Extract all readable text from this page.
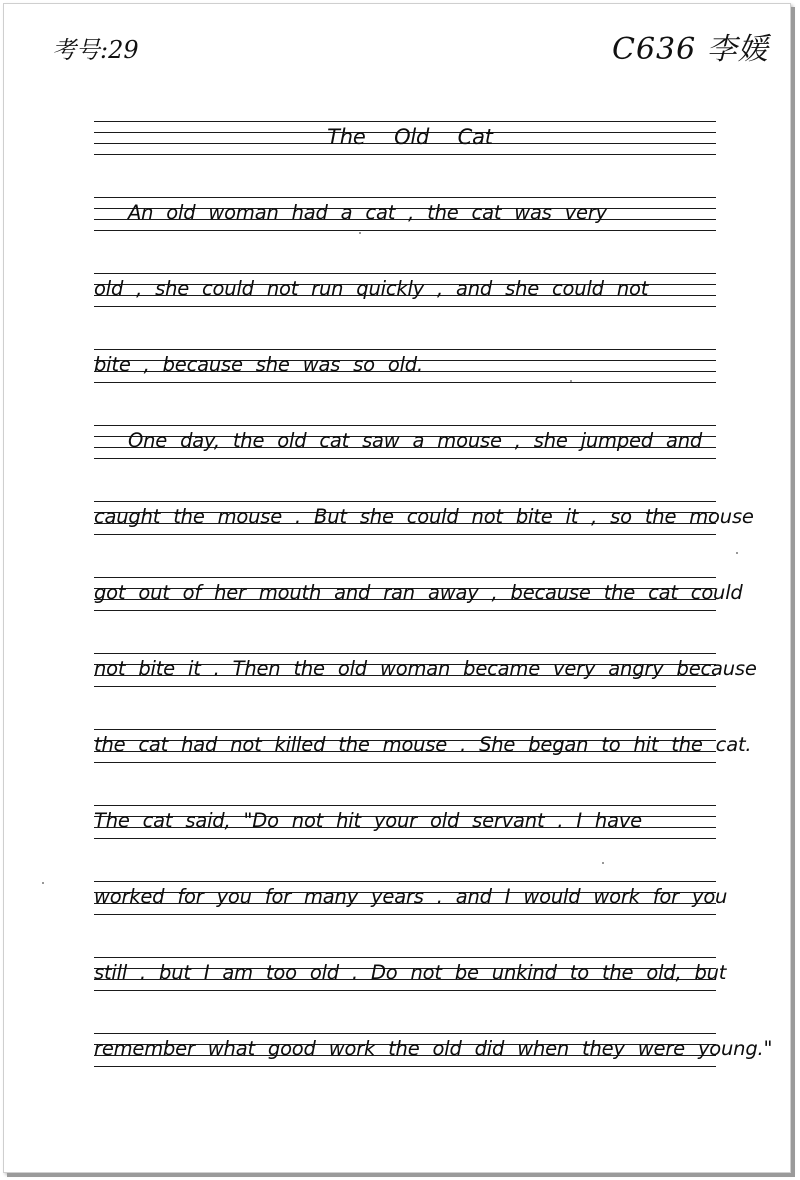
考号:29	C636 李媛
The Old Cat
An old woman had a cat , the cat was very
old , she could not run quickly , and she could not
bite , because she was so old.
One day, the old cat saw a mouse , she jumped and
caught the mouse . But she could not bite it , so the mouse
got out of her mouth and ran away , because the cat could
not bite it . Then the old woman became very angry because
the cat had not killed the mouse . She began to hit the cat.
The cat said, "Do not hit your old servant . I have
worked for you for many years . and I would work for you
still . but I am too old . Do not be unkind to the old, but
remember what good work the old did when they were young."
